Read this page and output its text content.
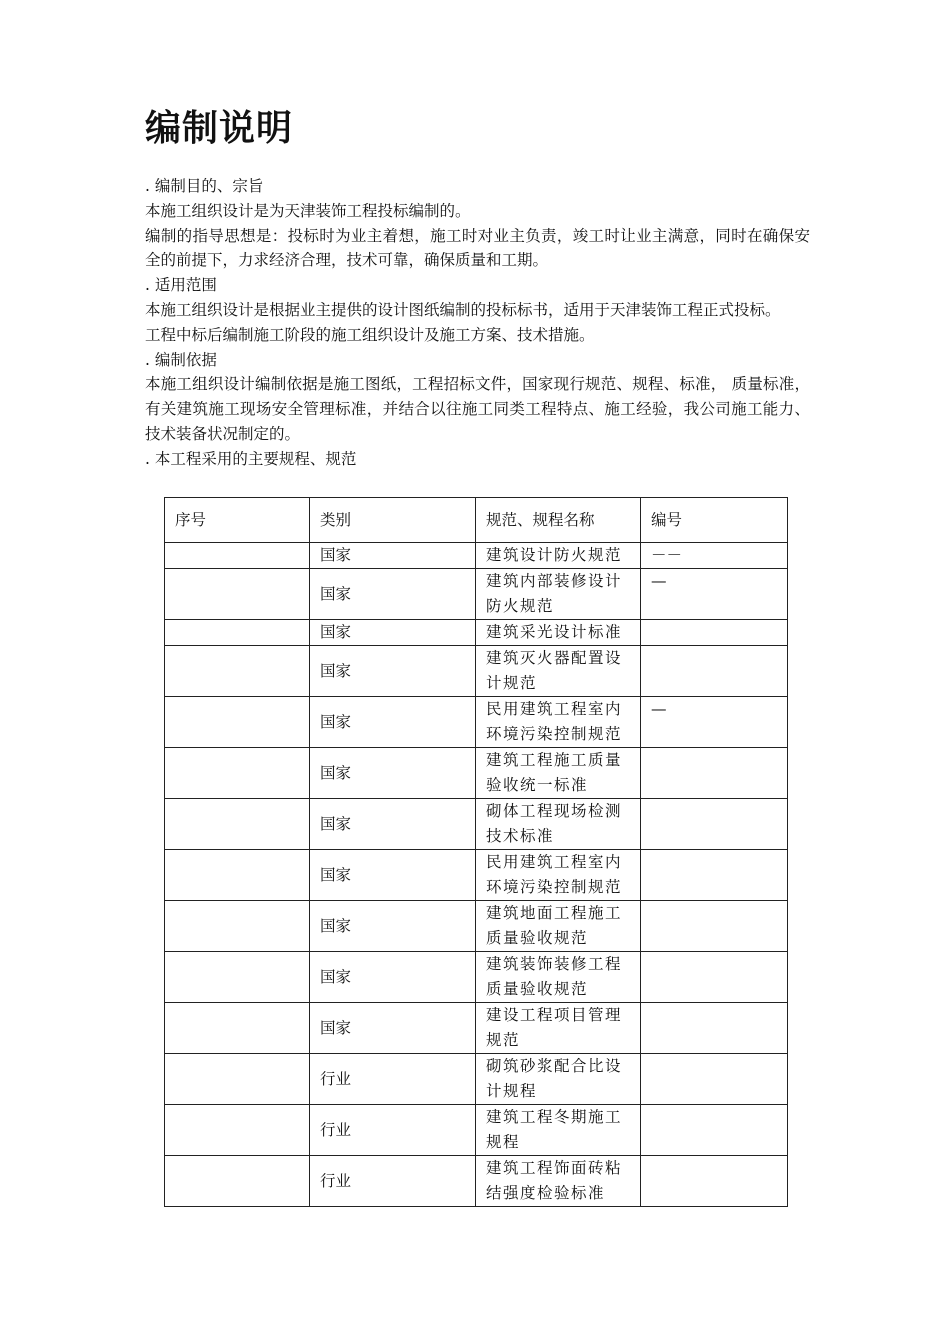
编制说明

. 编制目的、宗旨

本施工组织设计是为天津装饰工程投标编制的。

编制的指导思想是：投标时为业主着想，施工时对业主负责，竣工时让业主满意，同时在确保安全的前提下，力求经济合理，技术可靠，确保质量和工期。

. 适用范围

本施工组织设计是根据业主提供的设计图纸编制的投标标书，适用于天津装饰工程正式投标。

工程中标后编制施工阶段的施工组织设计及施工方案、技术措施。

. 编制依据

本施工组织设计编制依据是施工图纸，工程招标文件，国家现行规范、规程、标准， 质量标准，有关建筑施工现场安全管理标准，并结合以往施工同类工程特点、施工经验，我公司施工能力、技术装备状况制定的。

. 本工程采用的主要规程、规范

序号	类别	规范、规程名称	编号
	国家	建筑设计防火规范	－－
	国家	建筑内部装修设计防火规范	—
	国家	建筑采光设计标准	
	国家	建筑灭火器配置设计规范	
	国家	民用建筑工程室内环境污染控制规范	—
	国家	建筑工程施工质量验收统一标准	
	国家	砌体工程现场检测技术标准	
	国家	民用建筑工程室内环境污染控制规范	
	国家	建筑地面工程施工质量验收规范	
	国家	建筑装饰装修工程质量验收规范	
	国家	建设工程项目管理规范	
	行业	砌筑砂浆配合比设计规程	
	行业	建筑工程冬期施工规程	
	行业	建筑工程饰面砖粘结强度检验标准	
